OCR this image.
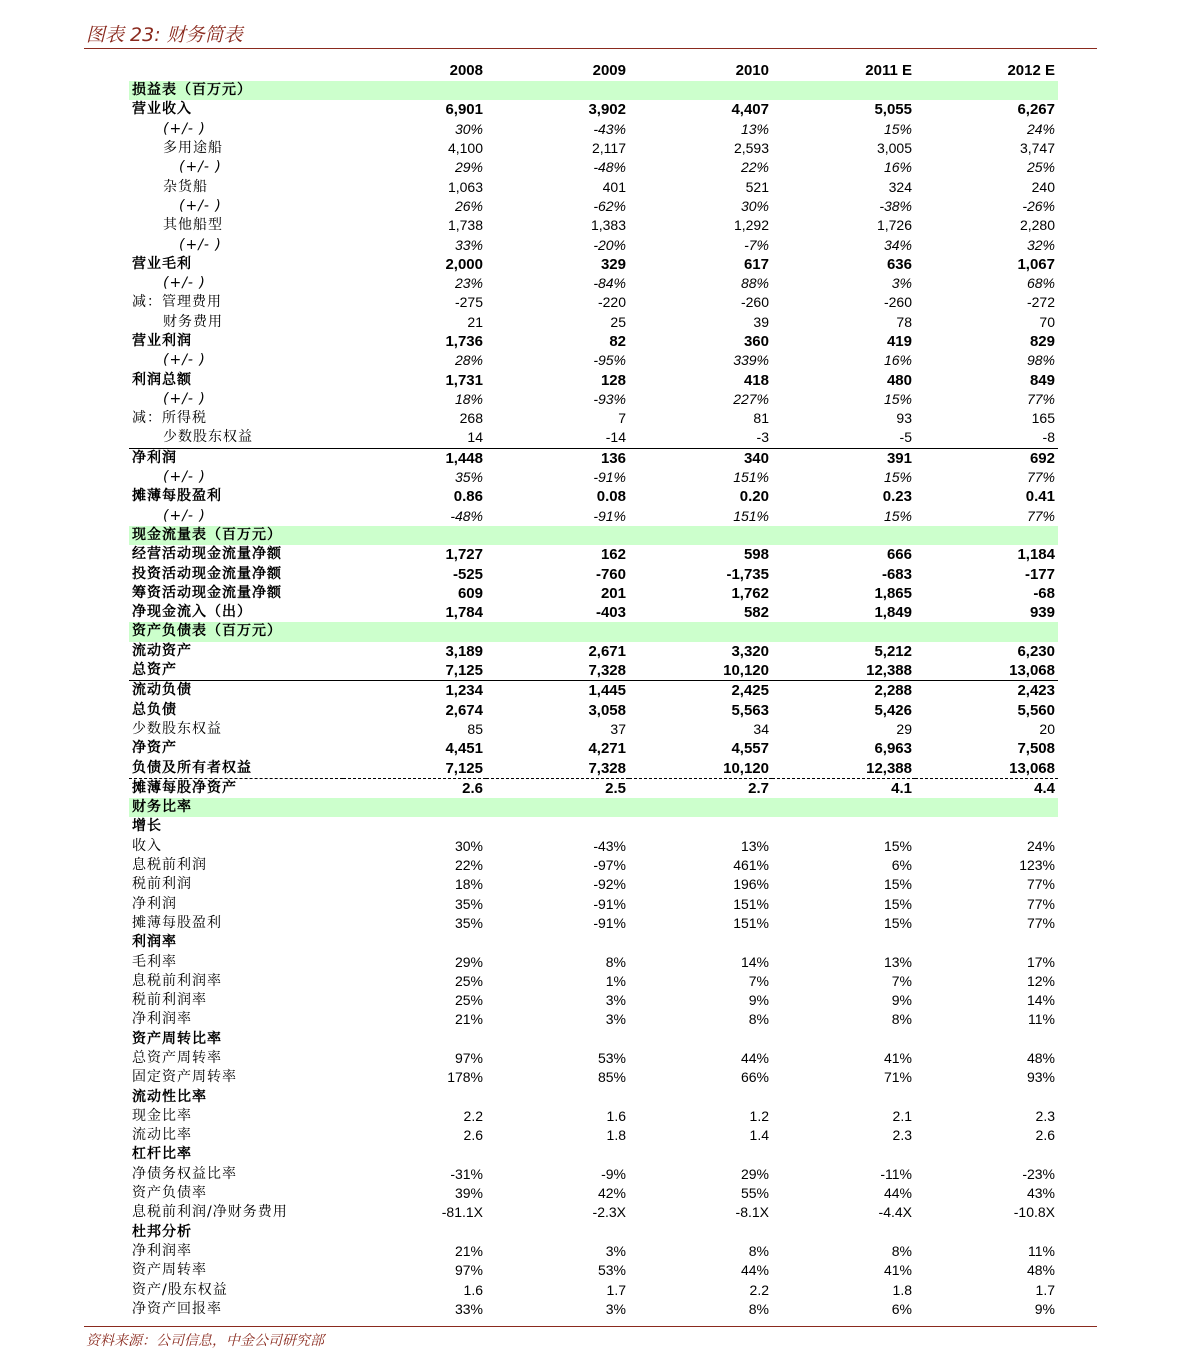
图表 23: 财务简表
	2008	2009	2010	2011 E	2012 E
损益表（百万元）					
营业收入	6,901	3,902	4,407	5,055	6,267
(+/- )	30%	-43%	13%	15%	24%
多用途船	4,100	2,117	2,593	3,005	3,747
(+/- )	29%	-48%	22%	16%	25%
杂货船	1,063	401	521	324	240
(+/- )	26%	-62%	30%	-38%	-26%
其他船型	1,738	1,383	1,292	1,726	2,280
(+/- )	33%	-20%	-7%	34%	32%
营业毛利	2,000	329	617	636	1,067
(+/- )	23%	-84%	88%	3%	68%
减：管理费用	-275	-220	-260	-260	-272
财务费用	21	25	39	78	70
营业利润	1,736	82	360	419	829
(+/- )	28%	-95%	339%	16%	98%
利润总额	1,731	128	418	480	849
(+/- )	18%	-93%	227%	15%	77%
减：所得税	268	7	81	93	165
少数股东权益	14	-14	-3	-5	-8
净利润	1,448	136	340	391	692
(+/- )	35%	-91%	151%	15%	77%
摊薄每股盈利	0.86	0.08	0.20	0.23	0.41
(+/- )	-48%	-91%	151%	15%	77%
现金流量表（百万元）					
经营活动现金流量净额	1,727	162	598	666	1,184
投资活动现金流量净额	-525	-760	-1,735	-683	-177
筹资活动现金流量净额	609	201	1,762	1,865	-68
净现金流入（出）	1,784	-403	582	1,849	939
资产负债表（百万元）					
流动资产	3,189	2,671	3,320	5,212	6,230
总资产	7,125	7,328	10,120	12,388	13,068
流动负债	1,234	1,445	2,425	2,288	2,423
总负债	2,674	3,058	5,563	5,426	5,560
少数股东权益	85	37	34	29	20
净资产	4,451	4,271	4,557	6,963	7,508
负债及所有者权益	7,125	7,328	10,120	12,388	13,068
摊薄每股净资产	2.6	2.5	2.7	4.1	4.4
财务比率					
增长					
收入	30%	-43%	13%	15%	24%
息税前利润	22%	-97%	461%	6%	123%
税前利润	18%	-92%	196%	15%	77%
净利润	35%	-91%	151%	15%	77%
摊薄每股盈利	35%	-91%	151%	15%	77%
利润率					
毛利率	29%	8%	14%	13%	17%
息税前利润率	25%	1%	7%	7%	12%
税前利润率	25%	3%	9%	9%	14%
净利润率	21%	3%	8%	8%	11%
资产周转比率					
总资产周转率	97%	53%	44%	41%	48%
固定资产周转率	178%	85%	66%	71%	93%
流动性比率					
现金比率	2.2	1.6	1.2	2.1	2.3
流动比率	2.6	1.8	1.4	2.3	2.6
杠杆比率					
净债务权益比率	-31%	-9%	29%	-11%	-23%
资产负债率	39%	42%	55%	44%	43%
息税前利润/净财务费用	-81.1X	-2.3X	-8.1X	-4.4X	-10.8X
杜邦分析					
净利润率	21%	3%	8%	8%	11%
资产周转率	97%	53%	44%	41%	48%
资产/股东权益	1.6	1.7	2.2	1.8	1.7
净资产回报率	33%	3%	8%	6%	9%
资料来源：公司信息，中金公司研究部
